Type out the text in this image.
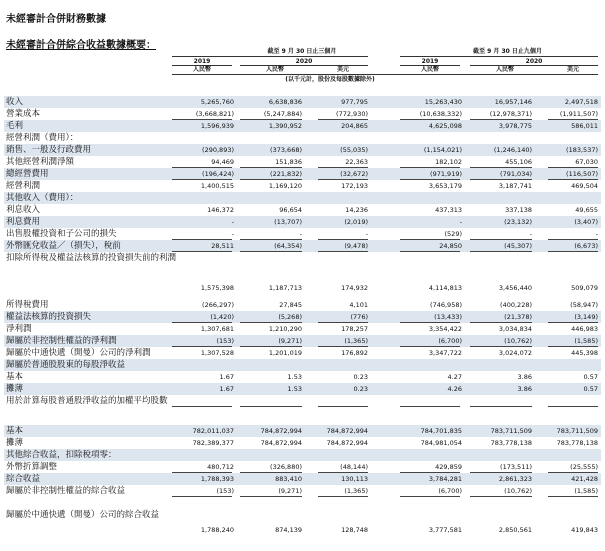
未經審計合併財務數據
未經審計合併綜合收益數據概要：
截至 9 月 30 日止三個月	截至 9 月 30 日止九個月
2019	2020	2019	2020
人民幣	人民幣	美元	人民幣	人民幣	美元
(以千元計，股份及每股數據除外)
收入	5,265,760	6,638,836	977,795	15,263,430	16,957,146	2,497,518
營業成本	(3,668,821)	(5,247,884)	(772,930)	(10,638,332)	(12,978,371)	(1,911,507)
毛利	1,596,939	1,390,952	204,865	4,625,098	3,978,775	586,011
經營利潤（費用）：
銷售、一般及行政費用	(290,893)	(373,668)	(55,035)	(1,154,021)	(1,246,140)	(183,537)
其他經營利潤淨額	94,469	151,836	22,363	182,102	455,106	67,030
總經營費用	(196,424)	(221,832)	(32,672)	(971,919)	(791,034)	(116,507)
經營利潤	1,400,515	1,169,120	172,193	3,653,179	3,187,741	469,504
其他收入（費用）：
利息收入	146,372	96,654	14,236	437,313	337,138	49,655
利息費用	-	(13,707)	(2,019)	-	(23,132)	(3,407)
出售股權投資和子公司的損失	-	-	-	(529)	-	-
外幣匯兌收益／（損失），稅前	28,511	(64,354)	(9,478)	24,850	(45,307)	(6,673)
扣除所得稅及權益法核算的投資損失前的利潤
1,575,398	1,187,713	174,932	4,114,813	3,456,440	509,079
所得稅費用	(266,297)	27,845	4,101	(746,958)	(400,228)	(58,947)
權益法核算的投資損失	(1,420)	(5,268)	(776)	(13,433)	(21,378)	(3,149)
淨利潤	1,307,681	1,210,290	178,257	3,354,422	3,034,834	446,983
歸屬於非控制性權益的淨利潤	(153)	(9,271)	(1,365)	(6,700)	(10,762)	(1,585)
歸屬於中通快遞（開曼）公司的淨利潤	1,307,528	1,201,019	176,892	3,347,722	3,024,072	445,398
歸屬於普通股股東的每股淨收益
基本	1.67	1.53	0.23	4.27	3.86	0.57
攤薄	1.67	1.53	0.23	4.26	3.86	0.57
用於計算每股普通股淨收益的加權平均股數
基本	782,011,037	784,872,994	784,872,994	784,701,835	783,711,509	783,711,509
攤薄	782,389,377	784,872,994	784,872,994	784,981,054	783,778,138	783,778,138
其他綜合收益，扣除稅項零：
外幣折算調整	480,712	(326,880)	(48,144)	429,859	(173,511)	(25,555)
綜合收益	1,788,393	883,410	130,113	3,784,281	2,861,323	421,428
歸屬於非控制性權益的綜合收益	(153)	(9,271)	(1,365)	(6,700)	(10,762)	(1,585)
歸屬於中通快遞（開曼）公司的綜合收益
1,788,240	874,139	128,748	3,777,581	2,850,561	419,843
